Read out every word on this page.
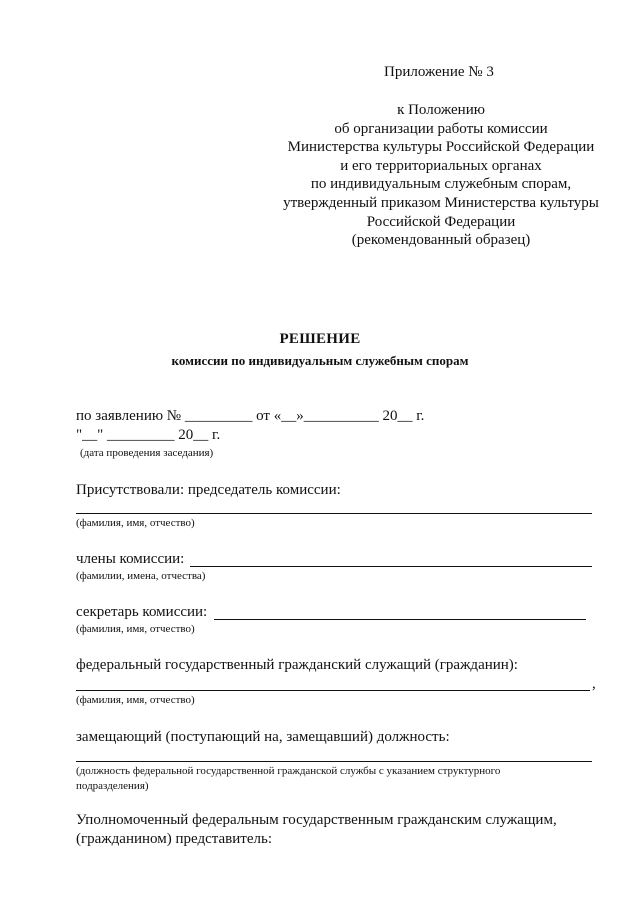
Приложение № 3
к Положению
об организации работы комиссии
Министерства культуры Российской Федерации
и его территориальных органах
по индивидуальным служебным спорам,
утвержденный приказом Министерства культуры
Российской Федерации
(рекомендованный образец)
РЕШЕНИЕ
комиссии по индивидуальным служебным спорам
по заявлению № _________ от «__»__________ 20__ г.
"__" _________ 20__ г.
(дата проведения заседания)
Присутствовали: председатель комиссии:
(фамилия, имя, отчество)
члены комиссии:
(фамилии, имена, отчества)
секретарь комиссии:
(фамилия, имя, отчество)
федеральный государственный гражданский служащий (гражданин):
,
(фамилия, имя, отчество)
замещающий (поступающий на, замещавший) должность:
(должность федеральной государственной гражданской службы с указанием структурного
подразделения)
Уполномоченный федеральным государственным гражданским служащим,
(гражданином) представитель:
